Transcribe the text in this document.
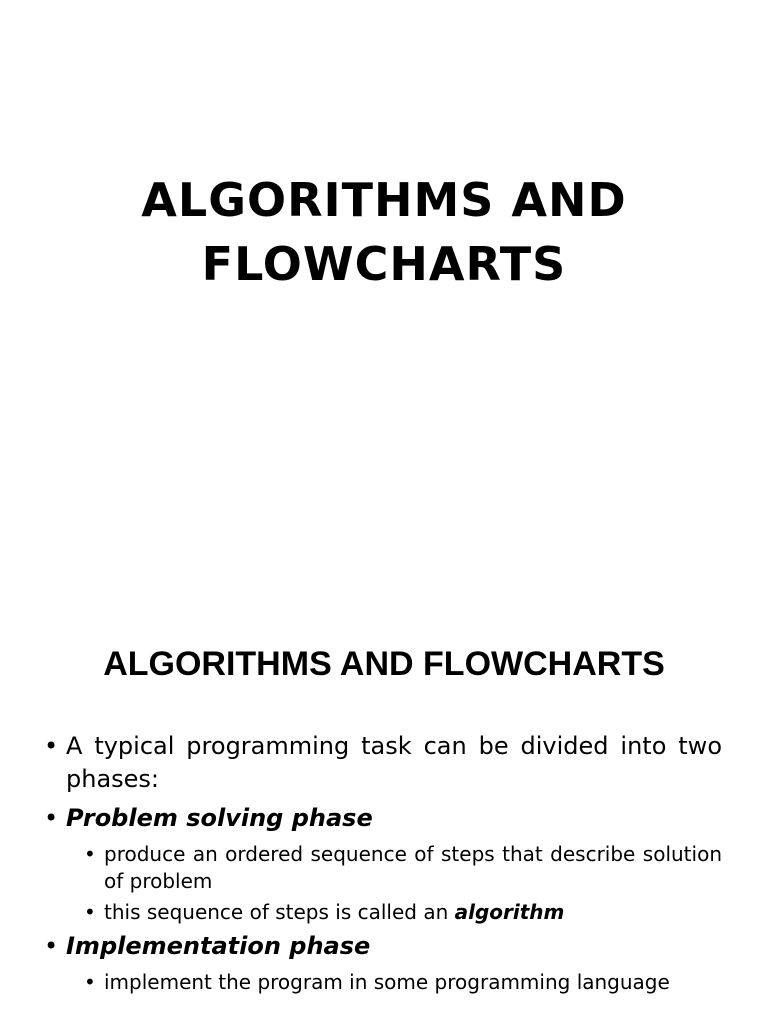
ALGORITHMS AND
FLOWCHARTS
ALGORITHMS AND FLOWCHARTS
• A typical programming task can be divided into two phases:
• Problem solving phase
• produce an ordered sequence of steps that describe solution of problem
• this sequence of steps is called an algorithm
• Implementation phase
• implement the program in some programming language
